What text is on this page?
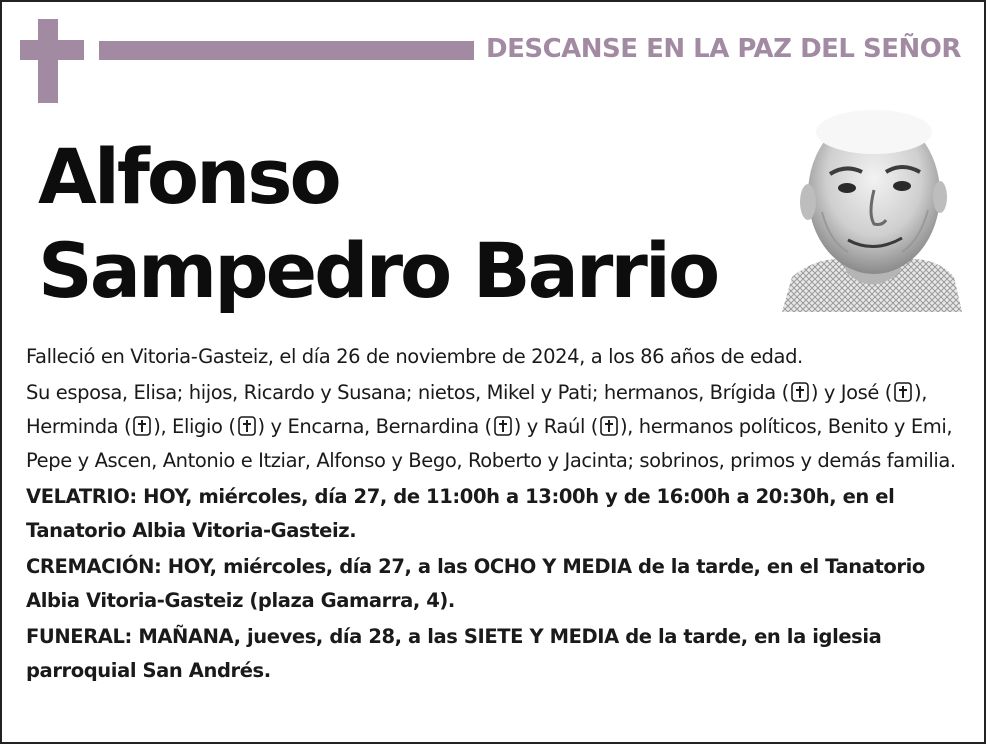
DESCANSE EN LA PAZ DEL SEÑOR
Alfonso
Sampedro Barrio

Falleció en Vitoria-Gasteiz, el día 26 de noviembre de 2024, a los 86 años de edad.

Su esposa, Elisa; hijos, Ricardo y Susana; nietos, Mikel y Pati; hermanos, Brígida ( ) y José ( ), Herminda ( ), Eligio ( ) y Encarna, Bernardina ( ) y Raúl ( ), hermanos políticos, Benito y Emi, Pepe y Ascen, Antonio e Itziar, Alfonso y Bego, Roberto y Jacinta; sobrinos, primos y demás familia.

VELATRIO: HOY, miércoles, día 27, de 11:00h a 13:00h y de 16:00h a 20:30h, en el Tanatorio Albia Vitoria-Gasteiz.

CREMACIÓN: HOY, miércoles, día 27, a las OCHO Y MEDIA de la tarde, en el Tanatorio Albia Vitoria-Gasteiz (plaza Gamarra, 4).

FUNERAL: MAÑANA, jueves, día 28, a las SIETE Y MEDIA de la tarde, en la iglesia parroquial San Andrés.
